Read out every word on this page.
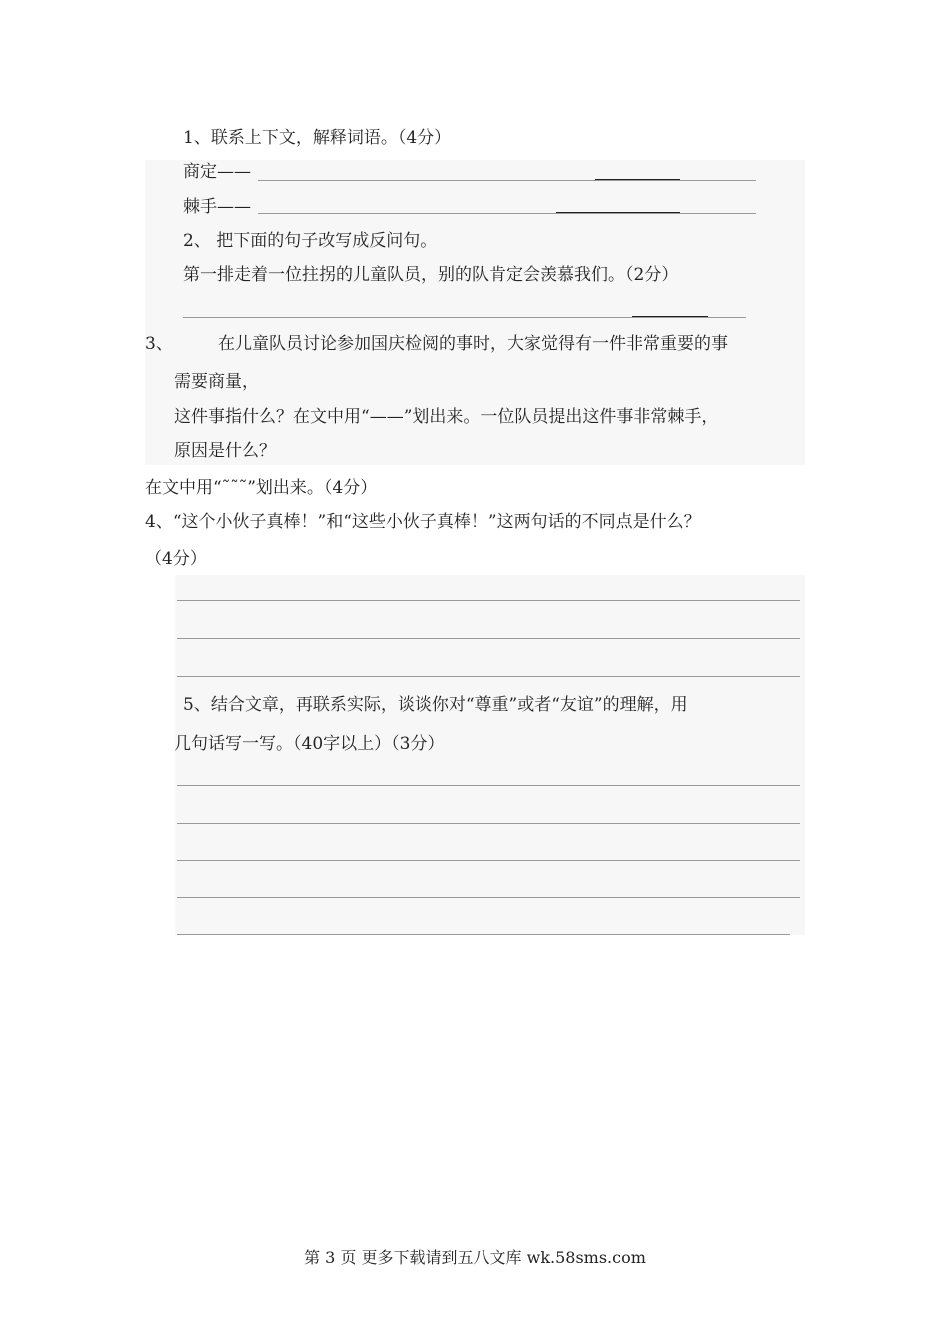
1、联系上下文，解释词语。（4分）
商定——
棘手——
2、 把下面的句子改写成反问句。
第一排走着一位拄拐的儿童队员，别的队肯定会羡慕我们。（2分）
3、	在儿童队员讨论参加国庆检阅的事时，大家觉得有一件非常重要的事
需要商量，
这件事指什么？在文中用“——”划出来。一位队员提出这件事非常棘手，
原因是什么？
在文中用“˜˜˜”划出来。（4分）
4、“这个小伙子真棒！”和“这些小伙子真棒！”这两句话的不同点是什么？
（4分）
5、结合文章，再联系实际，谈谈你对“尊重”或者“友谊”的理解，用
几句话写一写。（40字以上）（3分）
第 3 页 更多下载请到五八文库 wk.58sms.com
